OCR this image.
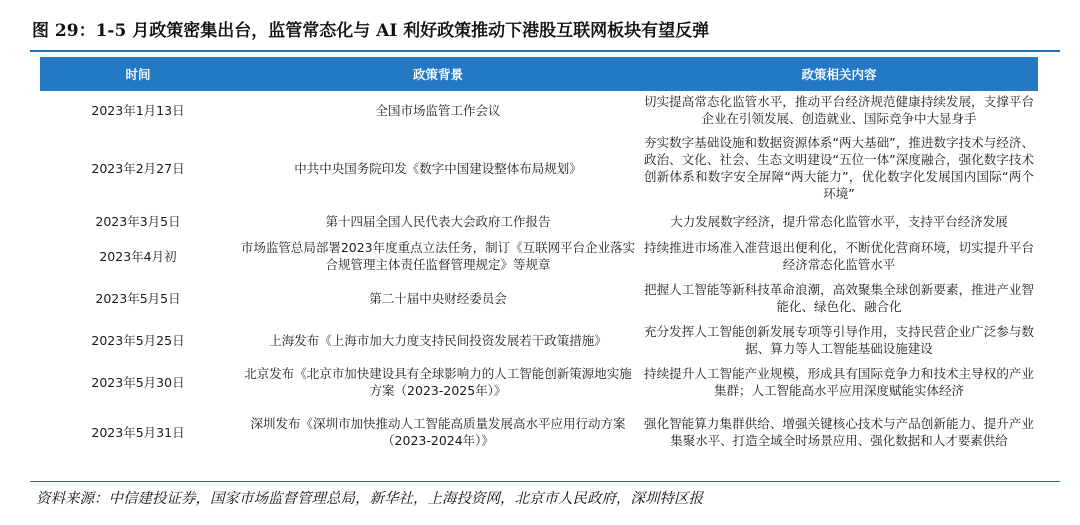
图 29：1-5 月政策密集出台，监管常态化与 AI 利好政策推动下港股互联网板块有望反弹
时间	政策背景	政策相关内容
2023年1月13日	全国市场监管工作会议	切实提高常态化监管水平，推动平台经济规范健康持续发展，支撑平台企业在引领发展、创造就业、国际竞争中大显身手
2023年2月27日	中共中央国务院印发《数字中国建设整体布局规划》	夯实数字基础设施和数据资源体系“两大基础”，推进数字技术与经济、政治、文化、社会、生态文明建设“五位一体”深度融合，强化数字技术创新体系和数字安全屏障“两大能力”，优化数字化发展国内国际“两个环境”
2023年3月5日	第十四届全国人民代表大会政府工作报告	大力发展数字经济，提升常态化监管水平，支持平台经济发展
2023年4月初	市场监管总局部署2023年度重点立法任务，制订《互联网平台企业落实合规管理主体责任监督管理规定》等规章	持续推进市场准入准营退出便利化，不断优化营商环境，切实提升平台经济常态化监管水平
2023年5月5日	第二十届中央财经委员会	把握人工智能等新科技革命浪潮，高效聚集全球创新要素，推进产业智能化、绿色化、融合化
2023年5月25日	上海发布《上海市加大力度支持民间投资发展若干政策措施》	充分发挥人工智能创新发展专项等引导作用，支持民营企业广泛参与数据、算力等人工智能基础设施建设
2023年5月30日	北京发布《北京市加快建设具有全球影响力的人工智能创新策源地实施方案（2023-2025年）》	持续提升人工智能产业规模，形成具有国际竞争力和技术主导权的产业集群；人工智能高水平应用深度赋能实体经济
2023年5月31日	深圳发布《深圳市加快推动人工智能高质量发展高水平应用行动方案（2023-2024年）》	强化智能算力集群供给、增强关键核心技术与产品创新能力、提升产业集聚水平、打造全域全时场景应用、强化数据和人才要素供给
资料来源：中信建投证券，国家市场监督管理总局，新华社，上海投资网，北京市人民政府，深圳特区报
